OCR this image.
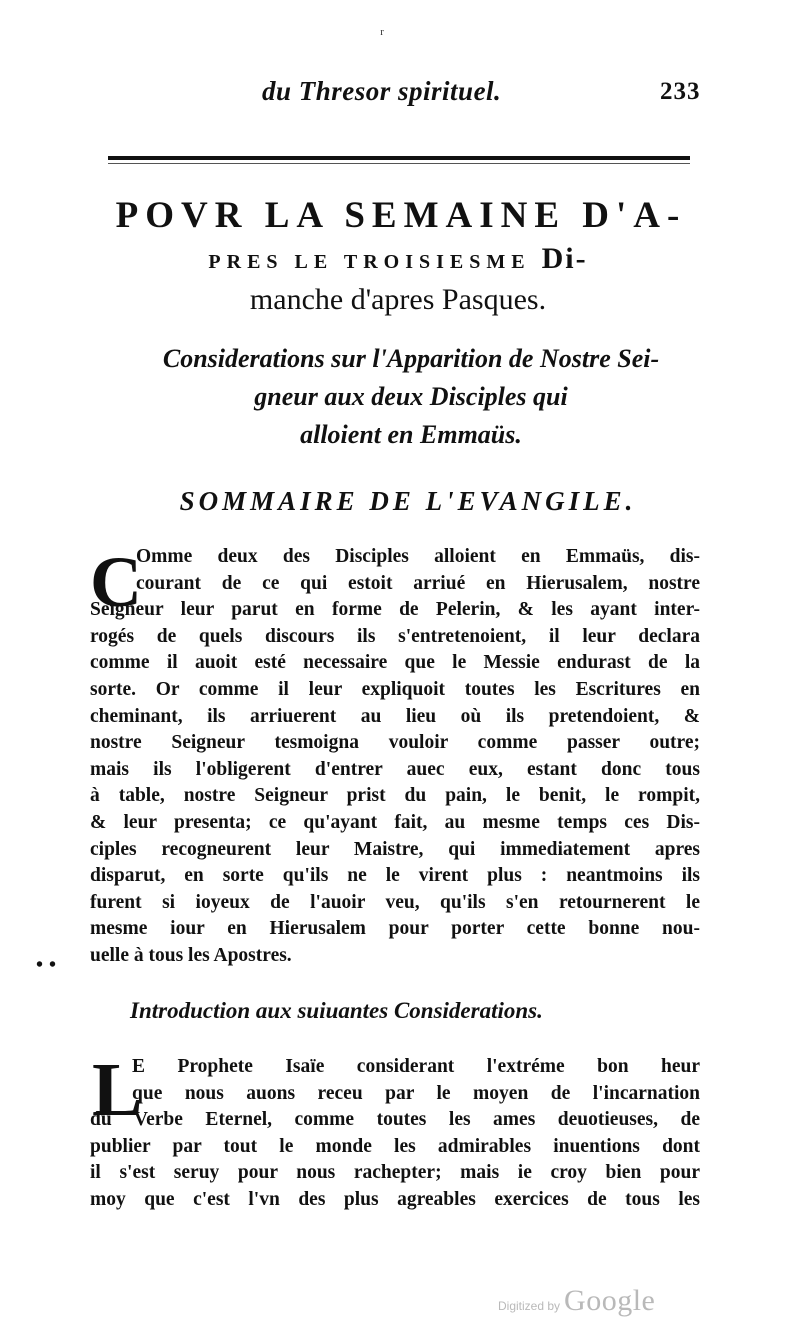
ʳ
du Thresor spirituel.	233
POVR LA SEMAINE D'A-
PRES LE TROISIESME Di-
manche d'apres Pasques.
Considerations sur l'Apparition de Nostre Sei-
gneur aux deux Disciples qui
alloient en Emmaüs.
SOMMAIRE DE L'EVANGILE.
C
Omme deux des Disciples alloient en Emmaüs, dis-
courant de ce qui estoit arriué en Hierusalem, nostre
Seigneur leur parut en forme de Pelerin, & les ayant inter-
rogés de quels discours ils s'entretenoient, il leur declara
comme il auoit esté necessaire que le Messie endurast de la
sorte. Or comme il leur expliquoit toutes les Escritures en
cheminant, ils arriuerent au lieu où ils pretendoient, &
nostre Seigneur tesmoigna vouloir comme passer outre;
mais ils l'obligerent d'entrer auec eux, estant donc tous
à table, nostre Seigneur prist du pain, le benit, le rompit,
& leur presenta; ce qu'ayant fait, au mesme temps ces Dis-
ciples recogneurent leur Maistre, qui immediatement apres
disparut, en sorte qu'ils ne le virent plus : neantmoins ils
furent si ioyeux de l'auoir veu, qu'ils s'en retournerent le
mesme iour en Hierusalem pour porter cette bonne nou-
uelle à tous les Apostres.
••
Introduction aux suiuantes Considerations.
L
E Prophete Isaïe considerant l'extréme bon heur
que nous auons receu par le moyen de l'incarnation
du Verbe Eternel, comme toutes les ames deuotieuses, de
publier par tout le monde les admirables inuentions dont
il s'est seruy pour nous rachepter; mais ie croy bien pour
moy que c'est l'vn des plus agreables exercices de tous les
Digitized by Google
